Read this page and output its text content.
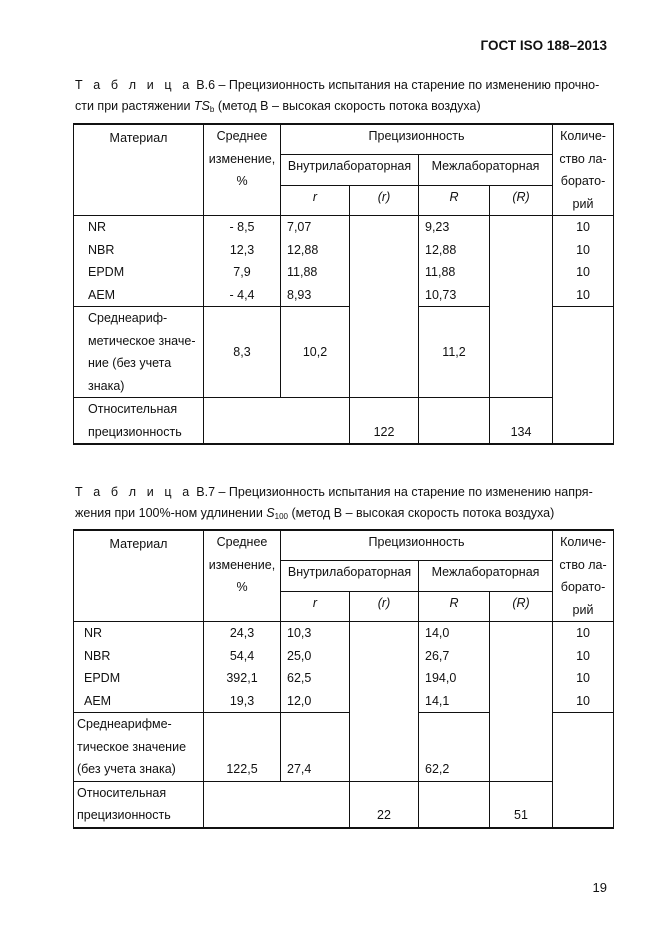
ГОСТ ISO 188–2013
Т а б л и ц а В.6 – Прецизионность испытания на старение по изменению прочно-
сти при растяжении $TS_b$ (метод В – высокая скорость потока воздуха)
Материал	Среднее изменение, %	Прецизионность				Количество лабораторий
		Внутрилабораторная		Межлабораторная		
		r	(r)	R	(R)	
NR	- 8,5	7,07		9,23		10
NBR	12,3	12,88		12,88		10
EPDM	7,9	11,88		11,88		10
AEM	- 4,4	8,93		10,73		10
Среднеарифметическое значение (без учета знака)	8,3	10,2		11,2		

Относительная прецизионность			122		134	
Т а б л и ц а В.7 – Прецизионность испытания на старение по изменению напря-
жения при 100%-ном удлинении $S_{100}$ (метод В – высокая скорость потока воздуха)
Материал	Среднее изменение, %	Прецизионность				Количество лабораторий
		Внутрилабораторная		Межлабораторная		
		r	(r)	R	(R)	
NR	24,3	10,3		14,0		10
NBR	54,4	25,0		26,7		10
EPDM	392,1	62,5		194,0		10
AEM	19,3	12,0		14,1		10
Среднеарифметическое значение (без учета знака)	122,5	27,4		62,2		
Относительная прецизионность			22		51	
19
